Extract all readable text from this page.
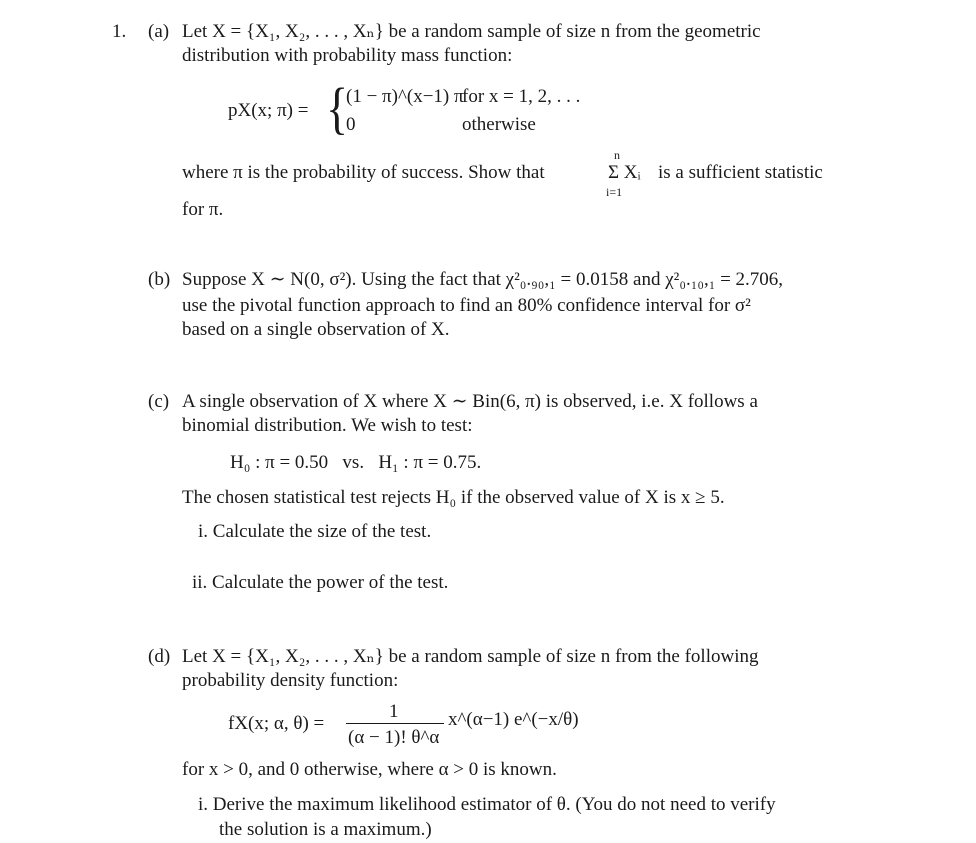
1. (a) Let X = {X₁, X₂, . . . , Xₙ} be a random sample of size n from the geometric
distribution with probability mass function:
pX(x; π) = {
(1 − π)^(x−1) π
for x = 1, 2, . . .
0	otherwise
where π is the probability of success. Show that
n
Σ Xᵢ
i=1
is a sufficient statistic
for π.
(b) Suppose X ∼ N(0, σ²). Using the fact that χ²₀.₉₀,₁ = 0.0158 and χ²₀.₁₀,₁ = 2.706,
use the pivotal function approach to find an 80% confidence interval for σ²
based on a single observation of X.
(c) A single observation of X where X ∼ Bin(6, π) is observed, i.e. X follows a
binomial distribution. We wish to test:
H₀ : π = 0.50   vs.   H₁ : π = 0.75.
The chosen statistical test rejects H₀ if the observed value of X is x ≥ 5.
i. Calculate the size of the test.
ii. Calculate the power of the test.
(d) Let X = {X₁, X₂, . . . , Xₙ} be a random sample of size n from the following
probability density function:
fX(x; α, θ) =
1
(α − 1)! θ^α
x^(α−1) e^(−x/θ)
for x > 0, and 0 otherwise, where α > 0 is known.
i. Derive the maximum likelihood estimator of θ. (You do not need to verify
the solution is a maximum.)
